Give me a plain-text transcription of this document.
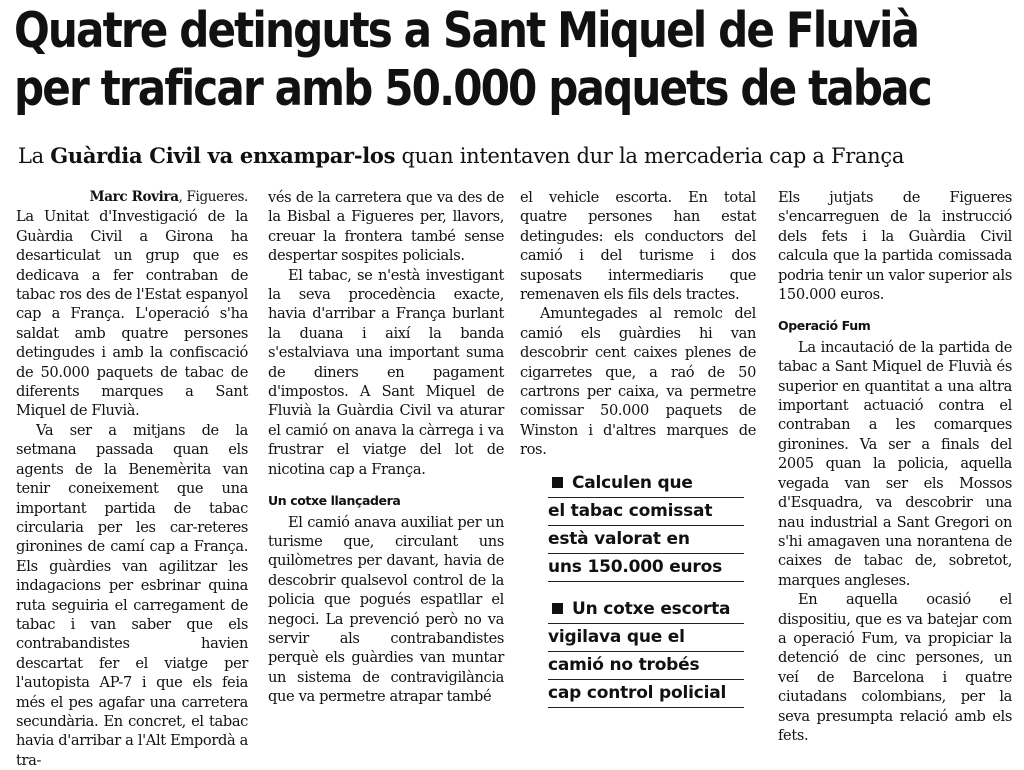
Quatre detinguts a Sant Miquel de Fluvià
per traficar amb 50.000 paquets de tabac
La Guàrdia Civil va enxampar-los quan intentaven dur la mercaderia cap a França

Marc Rovira, Figueres.

La Unitat d'Investigació de la Guàrdia Civil a Girona ha desarticulat un grup que es dedicava a fer contraban de tabac ros des de l'Estat espanyol cap a França. L'operació s'ha saldat amb quatre persones detingudes i amb la confiscació de 50.000 paquets de tabac de diferents marques a Sant Miquel de Fluvià.

Va ser a mitjans de la setmana passada quan els agents de la Benemèrita van tenir coneixement que una important partida de tabac circularia per les car-reteres gironines de camí cap a França. Els guàrdies van agilitzar les indagacions per esbrinar quina ruta seguiria el carregament de tabac i van saber que els contrabandistes havien descartat fer el viatge per l'autopista AP-7 i que els feia més el pes agafar una carretera secundària. En concret, el tabac havia d'arribar a l'Alt Empordà a tra-

vés de la carretera que va des de la Bisbal a Figueres per, llavors, creuar la frontera també sense despertar sospites policials.

El tabac, se n'està investigant la seva procedència exacte, havia d'arribar a França burlant la duana i així la banda s'estalviava una important suma de diners en pagament d'impostos. A Sant Miquel de Fluvià la Guàrdia Civil va aturar el camió on anava la càrrega i va frustrar el viatge del lot de nicotina cap a França.

Un cotxe llançadera

El camió anava auxiliat per un turisme que, circulant uns quilòmetres per davant, havia de descobrir qualsevol control de la policia que pogués espatllar el negoci. La prevenció però no va servir als contrabandistes perquè els guàrdies van muntar un sistema de contravigilància que va permetre atrapar també

el vehicle escorta. En total quatre persones han estat detingudes: els conductors del camió i del turisme i dos suposats intermediaris que remenaven els fils dels tractes.

Amuntegades al remolc del camió els guàrdies hi van descobrir cent caixes plenes de cigarretes que, a raó de 50 cartrons per caixa, va permetre comissar 50.000 paquets de Winston i d'altres marques de ros.

Calculen que
el tabac comissat
està valorat en
uns 150.000 euros
Un cotxe escorta
vigilava que el
camió no trobés
cap control policial

Els jutjats de Figueres s'encarreguen de la instrucció dels fets i la Guàrdia Civil calcula que la partida comissada podria tenir un valor superior als 150.000 euros.

Operació Fum

La incautació de la partida de tabac a Sant Miquel de Fluvià és superior en quantitat a una altra important actuació contra el contraban a les comarques gironines. Va ser a finals del 2005 quan la policia, aquella vegada van ser els Mossos d'Esquadra, va descobrir una nau industrial a Sant Gregori on s'hi amagaven una norantena de caixes de tabac de, sobretot, marques angleses.

En aquella ocasió el dispositiu, que es va batejar com a operació Fum, va propiciar la detenció de cinc persones, un veí de Barcelona i quatre ciutadans colombians, per la seva presumpta relació amb els fets.
